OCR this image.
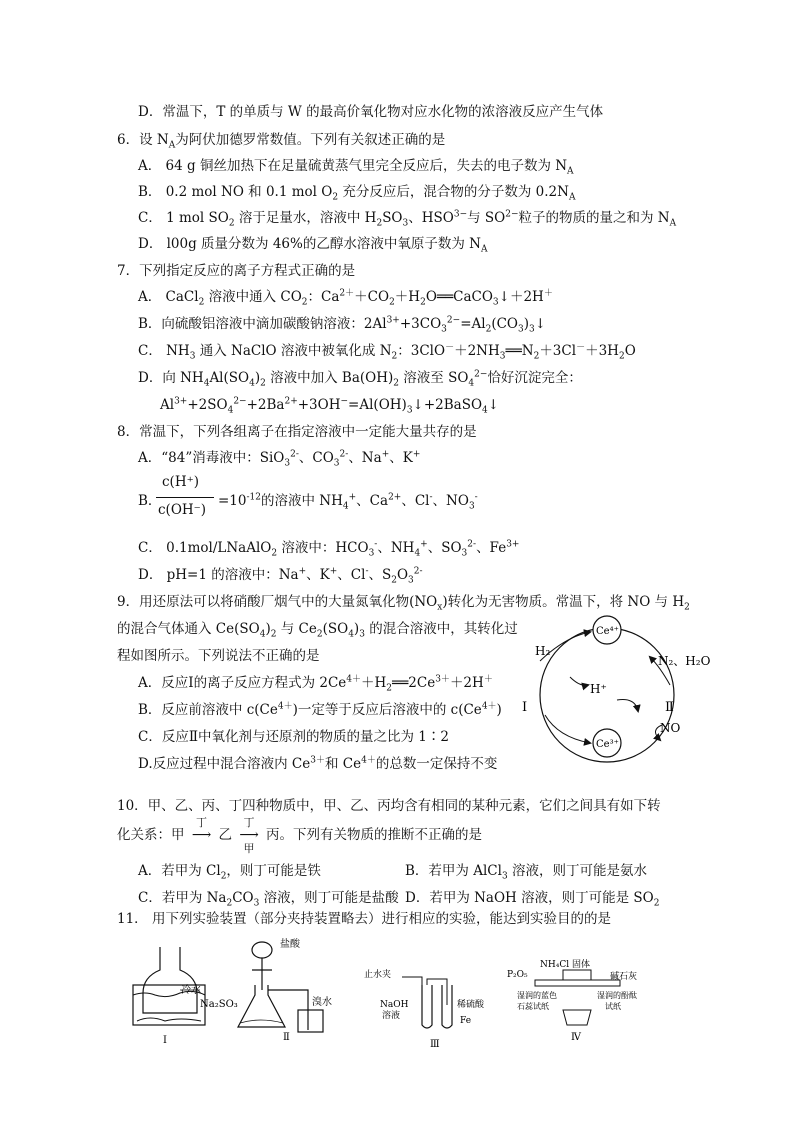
D．常温下，T 的单质与 W 的最高价氧化物对应水化物的浓溶液反应产生气体
6．设 $N_A$为阿伏加德罗常数值。下列有关叙述正确的是
A． 64 g 铜丝加热下在足量硫黄蒸气里完全反应后，失去的电子数为 $N_A$
B． 0.2 mol NO 和 0.1 mol $O_2$ 充分反应后，混合物的分子数为 $0.2N_A$
C． 1 mol $SO_2$ 溶于足量水，溶液中 $H_2SO_3$、$HSO^{3-}$与 $SO^{2-}$粒子的物质的量之和为 $N_A$
D． l00g 质量分数为 46%的乙醇水溶液中氧原子数为 $N_A$
7．下列指定反应的离子方程式正确的是
A． CaCl$_2$ 溶液中通入 $CO_2$：$Ca^{2+}+CO_2+H_2O══CaCO_3↓+2H^+$
B．向硫酸铝溶液中滴加碳酸钠溶液：$2Al^{3+}+3CO_3^{2-}=Al_2(CO_3)_3↓$
C． $NH_3$ 通入 NaClO 溶液中被氧化成 $N_2$：$3ClO^-+2NH_3══N_2+3Cl^-+3H_2O$
D．向 $NH_4Al(SO_4)_2$ 溶液中加入 $Ba(OH)_2$ 溶液至 $SO_4^{2-}$恰好沉淀完全：
$Al^{3+}+2SO_4^{2-}+2Ba^{2+}+3OH^-=Al(OH)_3↓+2BaSO_4↓$
8．常温下，下列各组离子在指定溶液中一定能大量共存的是
A．“84”消毒液中：SiO$_3^{2-}$、$CO_3^{2-}$、Na+、K+
B．
c(H⁺)
c(OH⁻)
$=10^{-12}$的溶液中 $NH_4^+$、$Ca^{2+}$、Cl-、$NO_3^-$
C． 0.1mol/LNaAlO$_2$ 溶液中：$HCO_3^-$、$NH_4^+$、$SO_3^{2-}$、$Fe^{3+}$
D． pH=1 的溶液中：Na+、K+、Cl-、$S_2O_3^{2-}$
9．用还原法可以将硝酸厂烟气中的大量氮氧化物$(NO_x)$转化为无害物质。常温下，将 NO 与 $H_2$
的混合气体通入 $Ce(SO_4)_2$ 与 $Ce_2(SO_4)_3$ 的混合溶液中，其转化过
程如图所示。下列说法不正确的是
A．反应Ⅰ的离子反应方程式为 $2Ce^{4+}+H_2══2Ce^{3+}+2H^+$
B．反应前溶液中 $c(Ce^{4+})$一定等于反应后溶液中的 $c(Ce^{4+})$
C．反应Ⅱ中氧化剂与还原剂的物质的量之比为 1∶2
D.反应过程中混合溶液内 $Ce^{3+}$和 $Ce^{4+}$的总数一定保持不变
Ce⁴⁺
Ce³⁺
H₂
H⁺
N₂、H₂O
NO
Ⅰ	Ⅱ
10．甲、乙、丙、丁四种物质中，甲、乙、丙均含有相同的某种元素，它们之间具有如下转
化关系：甲
丁
⟶ 乙
丁
⟶
甲
丙。下列有关物质的推断不正确的是
A．若甲为 $Cl_2$，则丁可能是铁	B．若甲为 AlCl$_3$ 溶液，则丁可能是氨水
C．若甲为 $Na_2CO_3$ 溶液，则丁可能是盐酸 D．若甲为 NaOH 溶液，则丁可能是 $SO_2$
11． 用下列实验装置（部分夹持装置略去）进行相应的实验，能达到实验目的的是
冷水
Ⅰ
盐酸
Na₂SO₃	溴水
Ⅱ
止水夹
NaOH
溶液
稀硫酸
Fe
Ⅲ
NH₄Cl 固体
P₂O₅	碱石灰
湿润的蓝色
石蕊试纸
湿润的酚酞
试纸
Ⅳ
